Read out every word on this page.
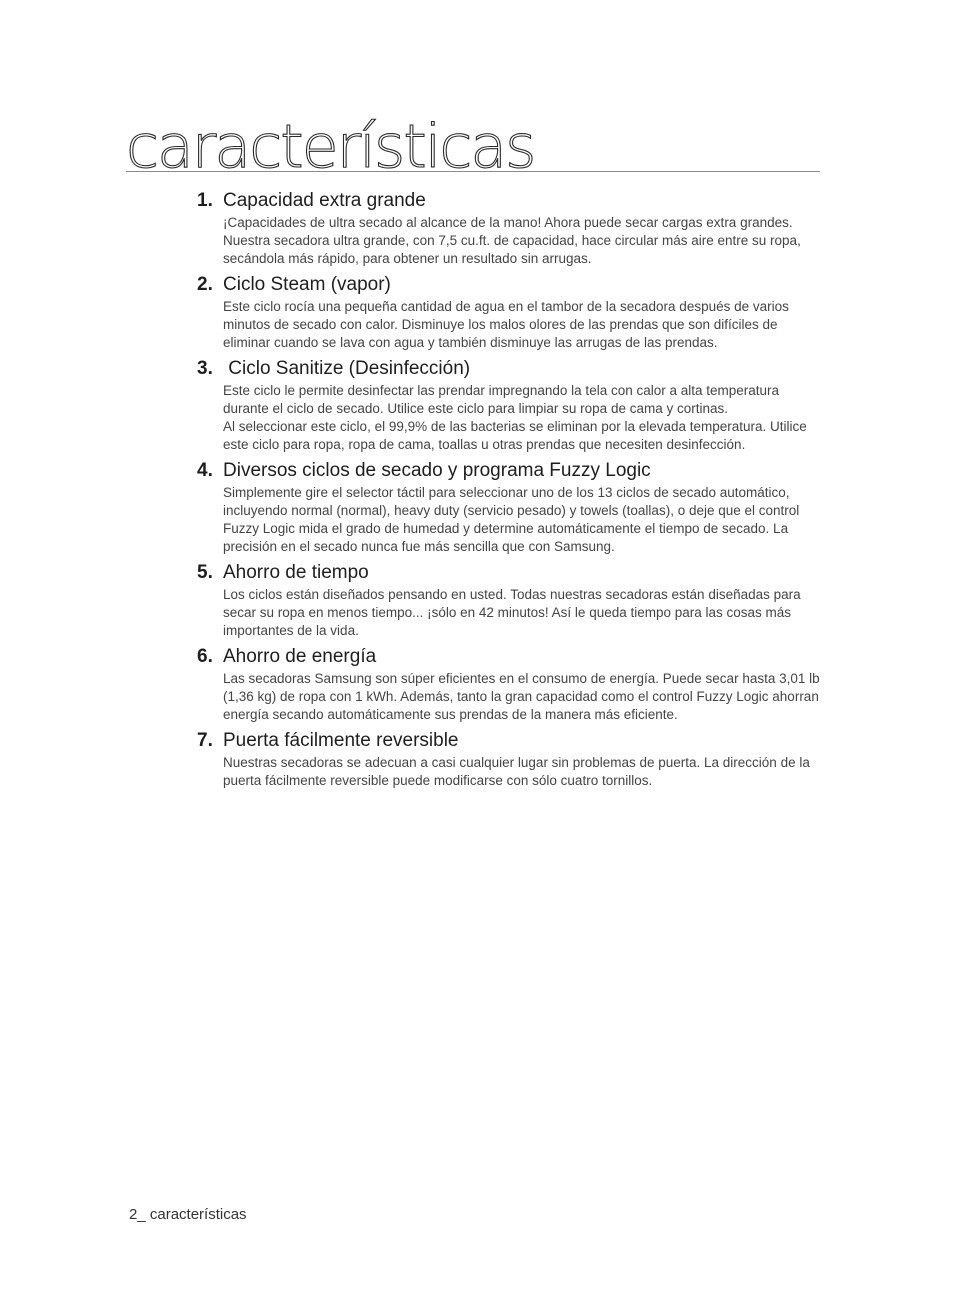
características
1. Capacidad extra grande

¡Capacidades de ultra secado al alcance de la mano! Ahora puede secar cargas extra grandes. Nuestra secadora ultra grande, con 7,5 cu.ft. de capacidad, hace circular más aire entre su ropa, secándola más rápido, para obtener un resultado sin arrugas.

2. Ciclo Steam (vapor)

Este ciclo rocía una pequeña cantidad de agua en el tambor de la secadora después de varios minutos de secado con calor. Disminuye los malos olores de las prendas que son difíciles de eliminar cuando se lava con agua y también disminuye las arrugas de las prendas.

3. Ciclo Sanitize (Desinfección)

Este ciclo le permite desinfectar las prendar impregnando la tela con calor a alta temperatura durante el ciclo de secado. Utilice este ciclo para limpiar su ropa de cama y cortinas.

Al seleccionar este ciclo, el 99,9% de las bacterias se eliminan por la elevada temperatura. Utilice este ciclo para ropa, ropa de cama, toallas u otras prendas que necesiten desinfección.

4. Diversos ciclos de secado y programa Fuzzy Logic

Simplemente gire el selector táctil para seleccionar uno de los 13 ciclos de secado automático, incluyendo normal (normal), heavy duty (servicio pesado) y towels (toallas), o deje que el control Fuzzy Logic mida el grado de humedad y determine automáticamente el tiempo de secado. La precisión en el secado nunca fue más sencilla que con Samsung.

5. Ahorro de tiempo

Los ciclos están diseñados pensando en usted. Todas nuestras secadoras están diseñadas para secar su ropa en menos tiempo... ¡sólo en 42 minutos! Así le queda tiempo para las cosas más importantes de la vida.

6. Ahorro de energía

Las secadoras Samsung son súper eficientes en el consumo de energía. Puede secar hasta 3,01 lb (1,36 kg) de ropa con 1 kWh. Además, tanto la gran capacidad como el control Fuzzy Logic ahorran energía secando automáticamente sus prendas de la manera más eficiente.

7. Puerta fácilmente reversible

Nuestras secadoras se adecuan a casi cualquier lugar sin problemas de puerta. La dirección de la puerta fácilmente reversible puede modificarse con sólo cuatro tornillos.

2_ características
